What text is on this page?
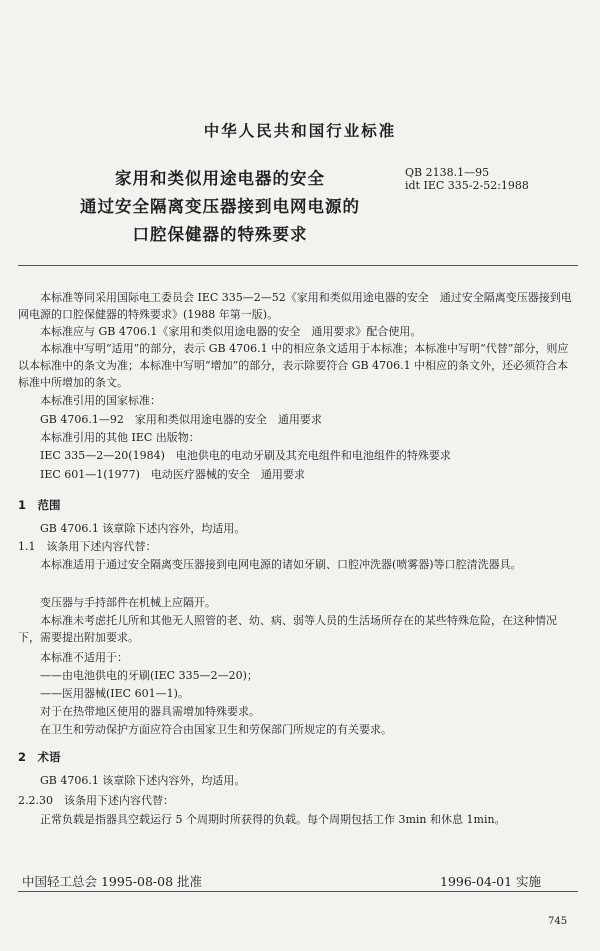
中华人民共和国行业标准
家用和类似用途电器的安全
通过安全隔离变压器接到电网电源的
口腔保健器的特殊要求
QB 2138.1—95
idt IEC 335-2-52:1988
本标准等同采用国际电工委员会 IEC 335—2—52《家用和类似用途电器的安全　通过安全隔离变压器接到电网电源的口腔保健器的特殊要求》(1988 年第一版)。
本标准应与 GB 4706.1《家用和类似用途电器的安全　通用要求》配合使用。
本标准中写明“适用”的部分，表示 GB 4706.1 中的相应条文适用于本标准；本标准中写明“代替”部分，则应以本标准中的条文为准；本标准中写明“增加”的部分，表示除要符合 GB 4706.1 中相应的条文外，还必须符合本标准中所增加的条文。
本标准引用的国家标准：
GB 4706.1—92　家用和类似用途电器的安全　通用要求
本标准引用的其他 IEC 出版物：
IEC 335—2—20(1984)　电池供电的电动牙刷及其充电组件和电池组件的特殊要求
IEC 601—1(1977)　电动医疗器械的安全　通用要求
1　范围
GB 4706.1 该章除下述内容外，均适用。
1.1　该条用下述内容代替：
本标准适用于通过安全隔离变压器接到电网电源的诸如牙刷、口腔冲洗器(喷雾器)等口腔清洗器具。
变压器与手持部件在机械上应隔开。
本标准未考虑托儿所和其他无人照管的老、幼、病、弱等人员的生活场所存在的某些特殊危险，在这种情况下，需要提出附加要求。
本标准不适用于：
——由电池供电的牙刷(IEC 335—2—20)；
——医用器械(IEC 601—1)。
对于在热带地区使用的器具需增加特殊要求。
在卫生和劳动保护方面应符合由国家卫生和劳保部门所规定的有关要求。
2　术语
GB 4706.1 该章除下述内容外，均适用。
2.2.30　该条用下述内容代替：
正常负载是指器具空载运行 5 个周期时所获得的负载。每个周期包括工作 3min 和休息 1min。
中国轻工总会 1995-08-08 批准	1996-04-01 实施
745
